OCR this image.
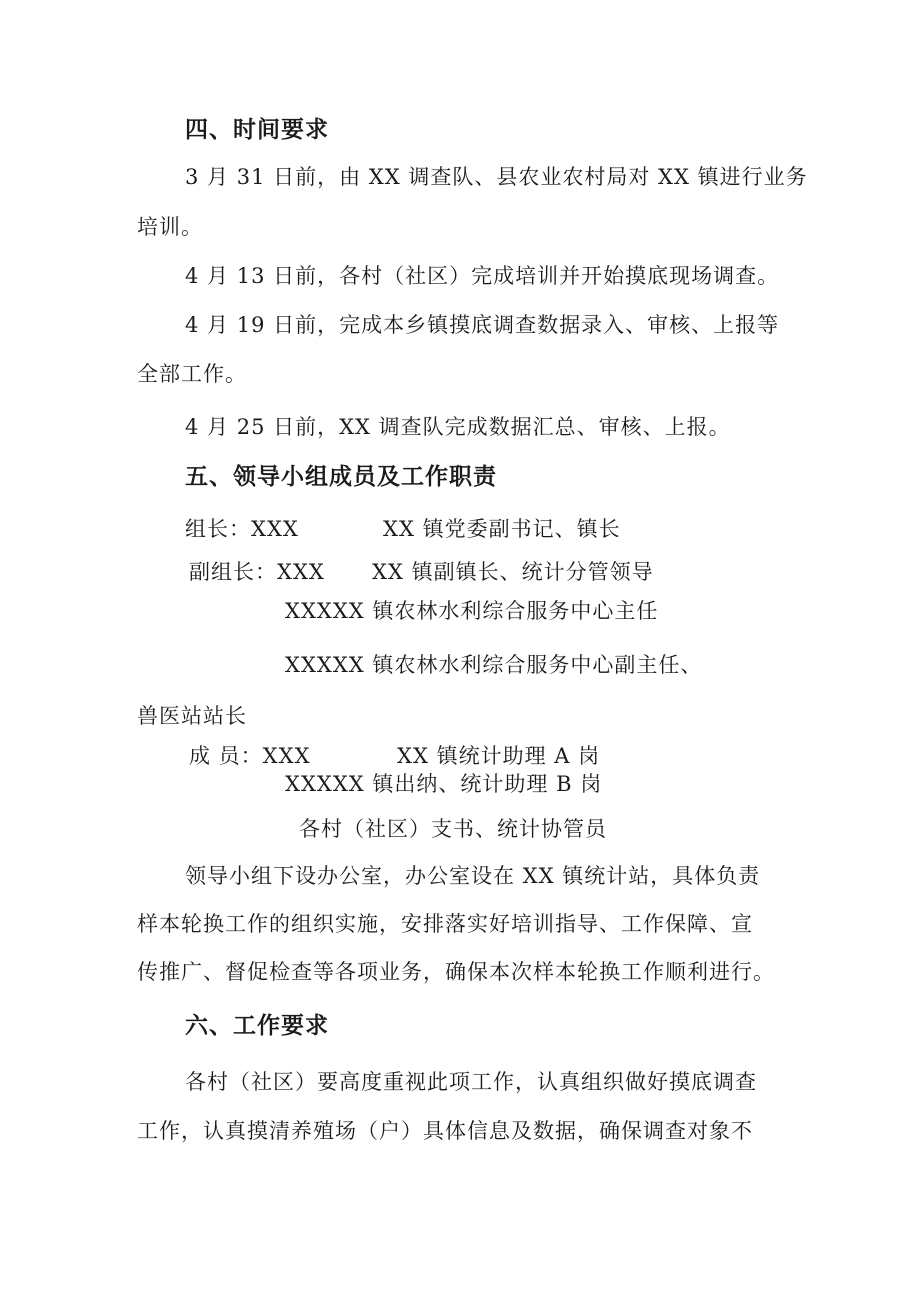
四、时间要求
3 月 31 日前，由 XX 调查队、县农业农村局对 XX 镇进行业务
培训。
4 月 13 日前，各村（社区）完成培训并开始摸底现场调查。
4 月 19 日前，完成本乡镇摸底调查数据录入、审核、上报等
全部工作。
4 月 25 日前，XX 调查队完成数据汇总、审核、上报。
五、领导小组成员及工作职责
组长：XXX	XX 镇党委副书记、镇长
副组长：XXX XX 镇副镇长、统计分管领导
XXXXX 镇农林水利综合服务中心主任
XXXXX 镇农林水利综合服务中心副主任、
兽医站站长
成 员：XXX	XX 镇统计助理 A 岗
XXXXX 镇出纳、统计助理 B 岗
各村（社区）支书、统计协管员
领导小组下设办公室，办公室设在 XX 镇统计站，具体负责
样本轮换工作的组织实施，安排落实好培训指导、工作保障、宣
传推广、督促检查等各项业务，确保本次样本轮换工作顺利进行。
六、工作要求
各村（社区）要高度重视此项工作，认真组织做好摸底调查
工作，认真摸清养殖场（户）具体信息及数据，确保调查对象不
